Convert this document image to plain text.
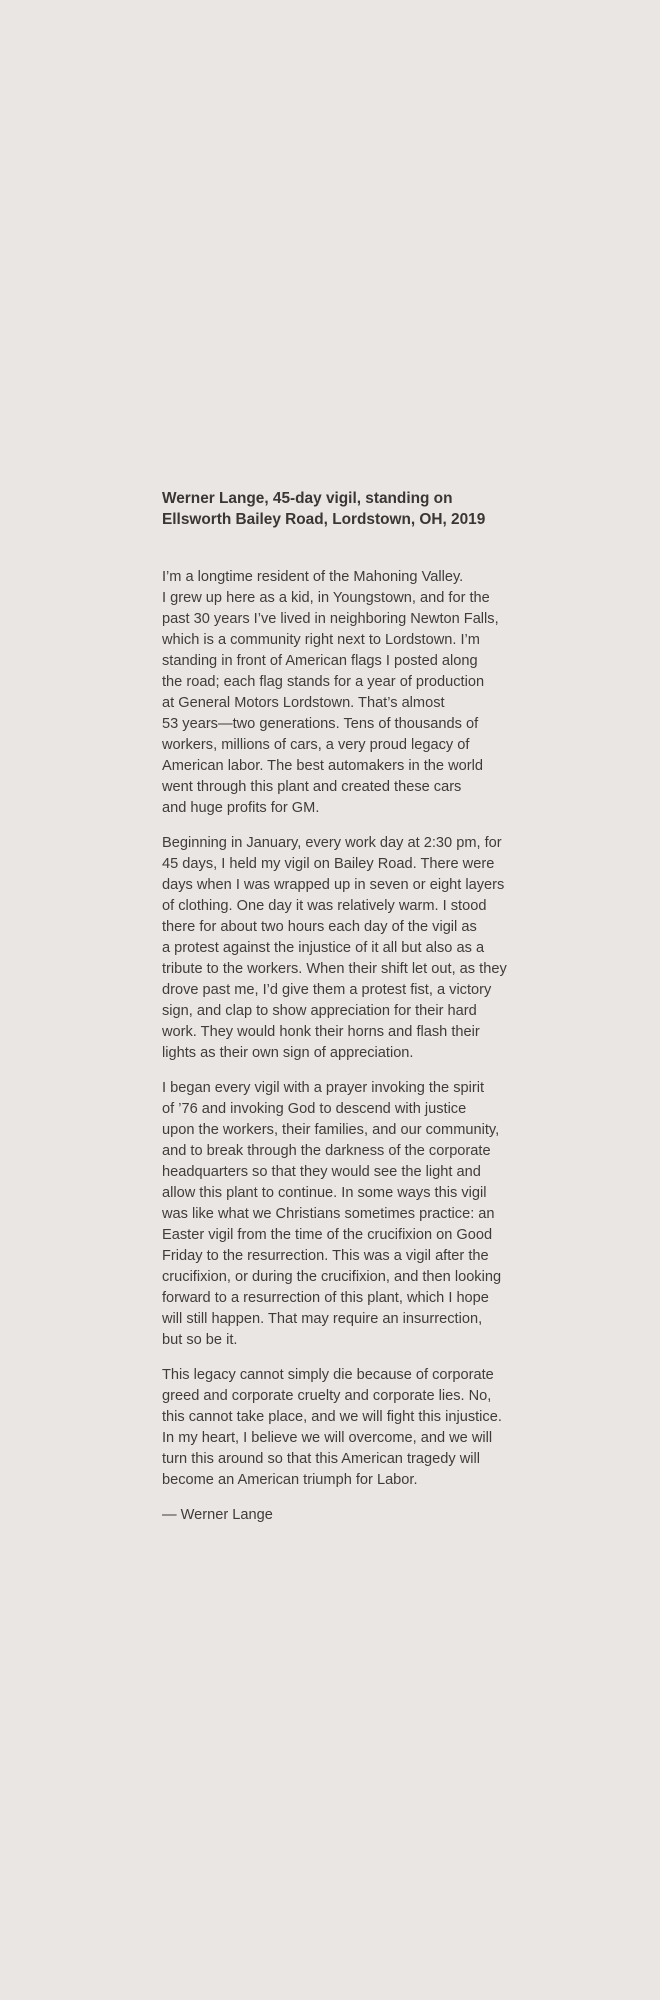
Werner Lange, 45-day vigil, standing on
Ellsworth Bailey Road, Lordstown, OH, 2019
I’m a longtime resident of the Mahoning Valley.
I grew up here as a kid, in Youngstown, and for the
past 30 years I’ve lived in neighboring Newton Falls,
which is a community right next to Lordstown. I’m
standing in front of American flags I posted along
the road; each flag stands for a year of production
at General Motors Lordstown. That’s almost
53 years—two generations. Tens of thousands of
workers, millions of cars, a very proud legacy of
American labor. The best automakers in the world
went through this plant and created these cars
and huge profits for GM.
Beginning in January, every work day at 2:30 pm, for
45 days, I held my vigil on Bailey Road. There were
days when I was wrapped up in seven or eight layers
of clothing. One day it was relatively warm. I stood
there for about two hours each day of the vigil as
a protest against the injustice of it all but also as a
tribute to the workers. When their shift let out, as they
drove past me, I’d give them a protest fist, a victory
sign, and clap to show appreciation for their hard
work. They would honk their horns and flash their
lights as their own sign of appreciation.
I began every vigil with a prayer invoking the spirit
of ’76 and invoking God to descend with justice
upon the workers, their families, and our community,
and to break through the darkness of the corporate
headquarters so that they would see the light and
allow this plant to continue. In some ways this vigil
was like what we Christians sometimes practice: an
Easter vigil from the time of the crucifixion on Good
Friday to the resurrection. This was a vigil after the
crucifixion, or during the crucifixion, and then looking
forward to a resurrection of this plant, which I hope
will still happen. That may require an insurrection,
but so be it.
This legacy cannot simply die because of corporate
greed and corporate cruelty and corporate lies. No,
this cannot take place, and we will fight this injustice.
In my heart, I believe we will overcome, and we will
turn this around so that this American tragedy will
become an American triumph for Labor.

— Werner Lange
